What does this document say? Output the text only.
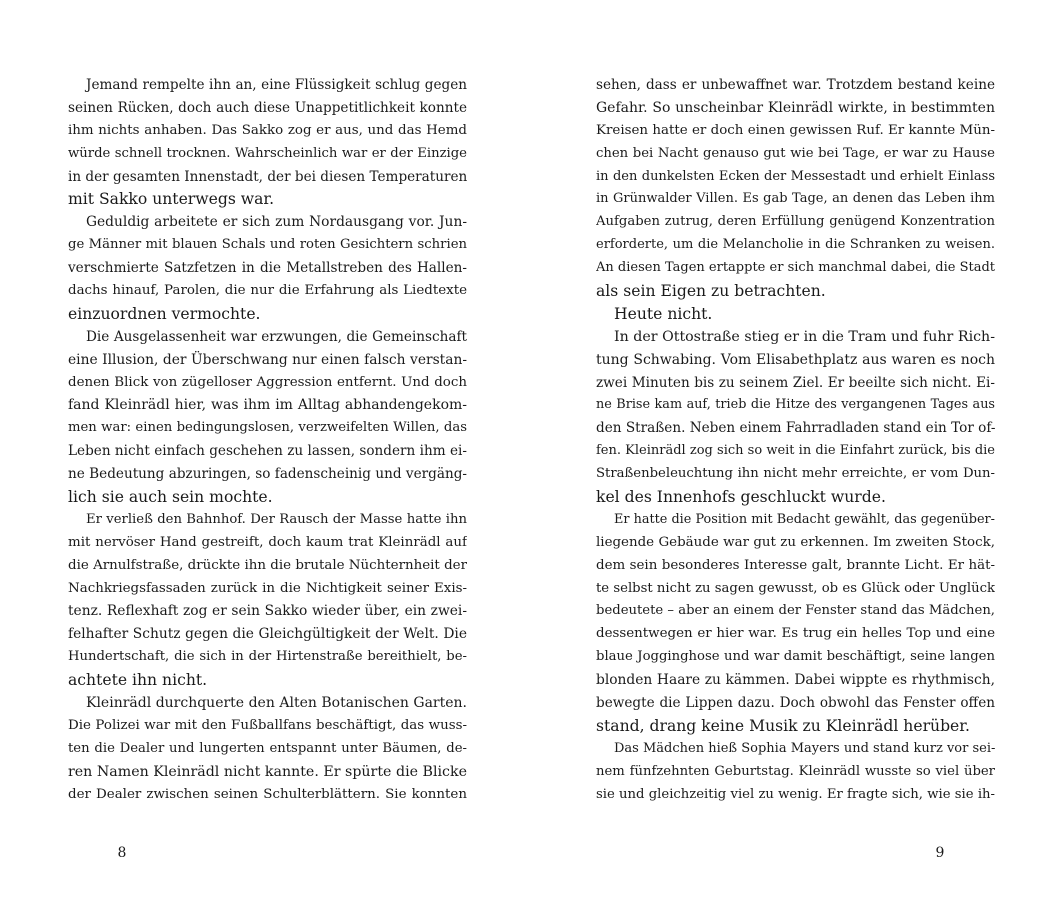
Jemand rempelte ihn an, eine Flüssigkeit schlug gegen
seinen Rücken, doch auch diese Unappetitlichkeit konnte
ihm nichts anhaben. Das Sakko zog er aus, und das Hemd
würde schnell trocknen. Wahrscheinlich war er der Einzige
in der gesamten Innenstadt, der bei diesen Temperaturen
mit Sakko unterwegs war.
Geduldig arbeitete er sich zum Nordausgang vor. Jun-
ge Männer mit blauen Schals und roten Gesichtern schrien
verschmierte Satzfetzen in die Metallstreben des Hallen-
dachs hinauf, Parolen, die nur die Erfahrung als Liedtexte
einzuordnen vermochte.
Die Ausgelassenheit war erzwungen, die Gemeinschaft
eine Illusion, der Überschwang nur einen falsch verstan-
denen Blick von zügelloser Aggression entfernt. Und doch
fand Kleinrädl hier, was ihm im Alltag abhandengekom-
men war: einen bedingungslosen, verzweifelten Willen, das
Leben nicht einfach geschehen zu lassen, sondern ihm ei-
ne Bedeutung abzuringen, so fadenscheinig und vergäng-
lich sie auch sein mochte.
Er verließ den Bahnhof. Der Rausch der Masse hatte ihn
mit nervöser Hand gestreift, doch kaum trat Kleinrädl auf
die Arnulfstraße, drückte ihn die brutale Nüchternheit der
Nachkriegsfassaden zurück in die Nichtigkeit seiner Exis-
tenz. Reflexhaft zog er sein Sakko wieder über, ein zwei-
felhafter Schutz gegen die Gleichgültigkeit der Welt. Die
Hundertschaft, die sich in der Hirtenstraße bereithielt, be-
achtete ihn nicht.
Kleinrädl durchquerte den Alten Botanischen Garten.
Die Polizei war mit den Fußballfans beschäftigt, das wuss-
ten die Dealer und lungerten entspannt unter Bäumen, de-
ren Namen Kleinrädl nicht kannte. Er spürte die Blicke
der Dealer zwischen seinen Schulterblättern. Sie konnten
sehen, dass er unbewaffnet war. Trotzdem bestand keine
Gefahr. So unscheinbar Kleinrädl wirkte, in bestimmten
Kreisen hatte er doch einen gewissen Ruf. Er kannte Mün-
chen bei Nacht genauso gut wie bei Tage, er war zu Hause
in den dunkelsten Ecken der Messestadt und erhielt Einlass
in Grünwalder Villen. Es gab Tage, an denen das Leben ihm
Aufgaben zutrug, deren Erfüllung genügend Konzentration
erforderte, um die Melancholie in die Schranken zu weisen.
An diesen Tagen ertappte er sich manchmal dabei, die Stadt
als sein Eigen zu betrachten.
Heute nicht.
In der Ottostraße stieg er in die Tram und fuhr Rich-
tung Schwabing. Vom Elisabethplatz aus waren es noch
zwei Minuten bis zu seinem Ziel. Er beeilte sich nicht. Ei-
ne Brise kam auf, trieb die Hitze des vergangenen Tages aus
den Straßen. Neben einem Fahrradladen stand ein Tor of-
fen. Kleinrädl zog sich so weit in die Einfahrt zurück, bis die
Straßenbeleuchtung ihn nicht mehr erreichte, er vom Dun-
kel des Innenhofs geschluckt wurde.
Er hatte die Position mit Bedacht gewählt, das gegenüber-
liegende Gebäude war gut zu erkennen. Im zweiten Stock,
dem sein besonderes Interesse galt, brannte Licht. Er hät-
te selbst nicht zu sagen gewusst, ob es Glück oder Unglück
bedeutete – aber an einem der Fenster stand das Mädchen,
dessentwegen er hier war. Es trug ein helles Top und eine
blaue Jogginghose und war damit beschäftigt, seine langen
blonden Haare zu kämmen. Dabei wippte es rhythmisch,
bewegte die Lippen dazu. Doch obwohl das Fenster offen
stand, drang keine Musik zu Kleinrädl herüber.
Das Mädchen hieß Sophia Mayers und stand kurz vor sei-
nem fünfzehnten Geburtstag. Kleinrädl wusste so viel über
sie und gleichzeitig viel zu wenig. Er fragte sich, wie sie ih-
8	9
